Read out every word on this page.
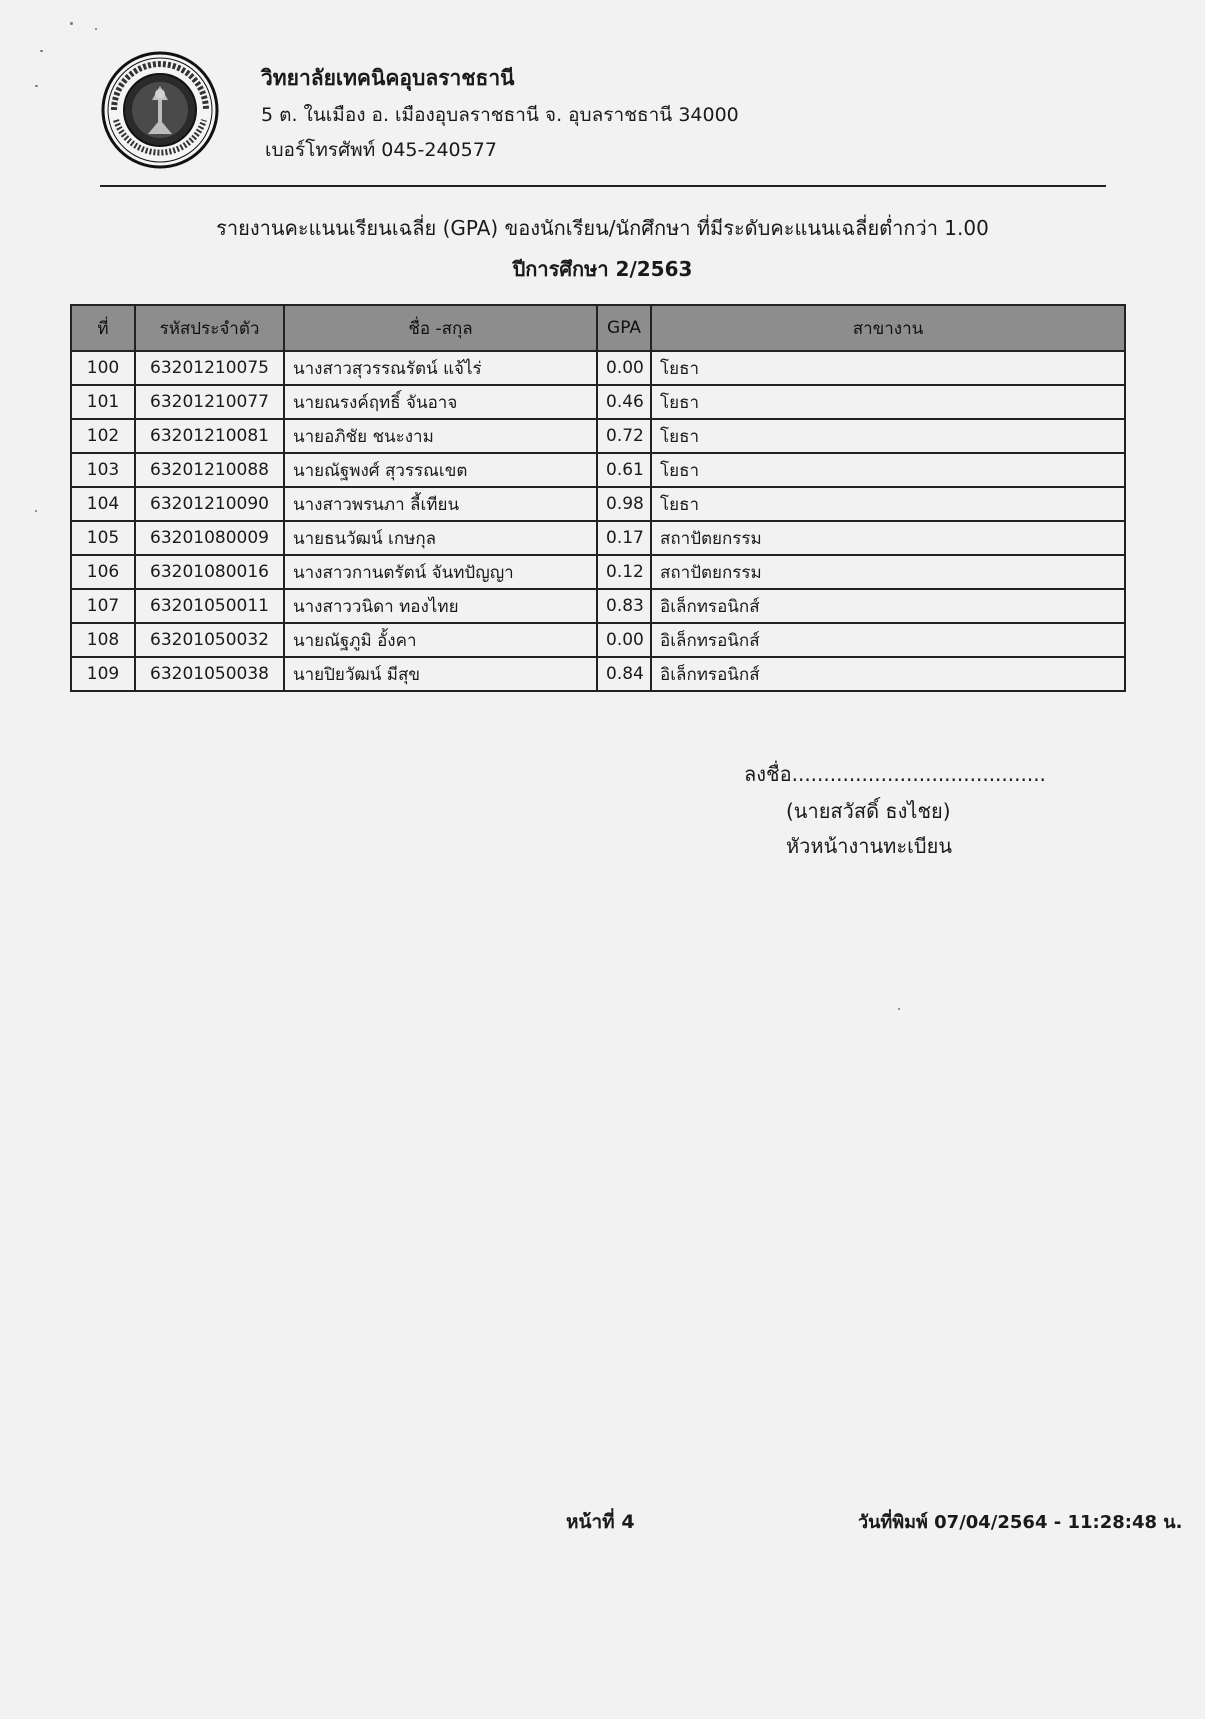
วิทยาลัยเทคนิคอุบลราชธานี
5 ต. ในเมือง อ. เมืองอุบลราชธานี จ. อุบลราชธานี 34000
เบอร์โทรศัพท์ 045-240577
รายงานคะแนนเรียนเฉลี่ย (GPA) ของนักเรียน/นักศึกษา ที่มีระดับคะแนนเฉลี่ยต่ำกว่า 1.00
ปีการศึกษา 2/2563
ที่	รหัสประจำตัว	ชื่อ -สกุล	GPA	สาขางาน
100	63201210075	นางสาวสุวรรณรัตน์ แจ้ไร่	0.00	โยธา
101	63201210077	นายณรงค์ฤทธิ์ จันอาจ	0.46	โยธา
102	63201210081	นายอภิชัย ชนะงาม	0.72	โยธา
103	63201210088	นายณัฐพงศ์ สุวรรณเขต	0.61	โยธา
104	63201210090	นางสาวพรนภา ลี้เทียน	0.98	โยธา
105	63201080009	นายธนวัฒน์ เกษกุล	0.17	สถาปัตยกรรม
106	63201080016	นางสาวกานตรัตน์ จันทปัญญา	0.12	สถาปัตยกรรม
107	63201050011	นางสาววนิดา ทองไทย	0.83	อิเล็กทรอนิกส์
108	63201050032	นายณัฐภูมิ อั้งคา	0.00	อิเล็กทรอนิกส์
109	63201050038	นายปิยวัฒน์ มีสุข	0.84	อิเล็กทรอนิกส์
ลงชื่อ........................................
(นายสวัสดิ์ ธงไชย)
หัวหน้างานทะเบียน
หน้าที่ 4	วันที่พิมพ์ 07/04/2564 - 11:28:48 น.
